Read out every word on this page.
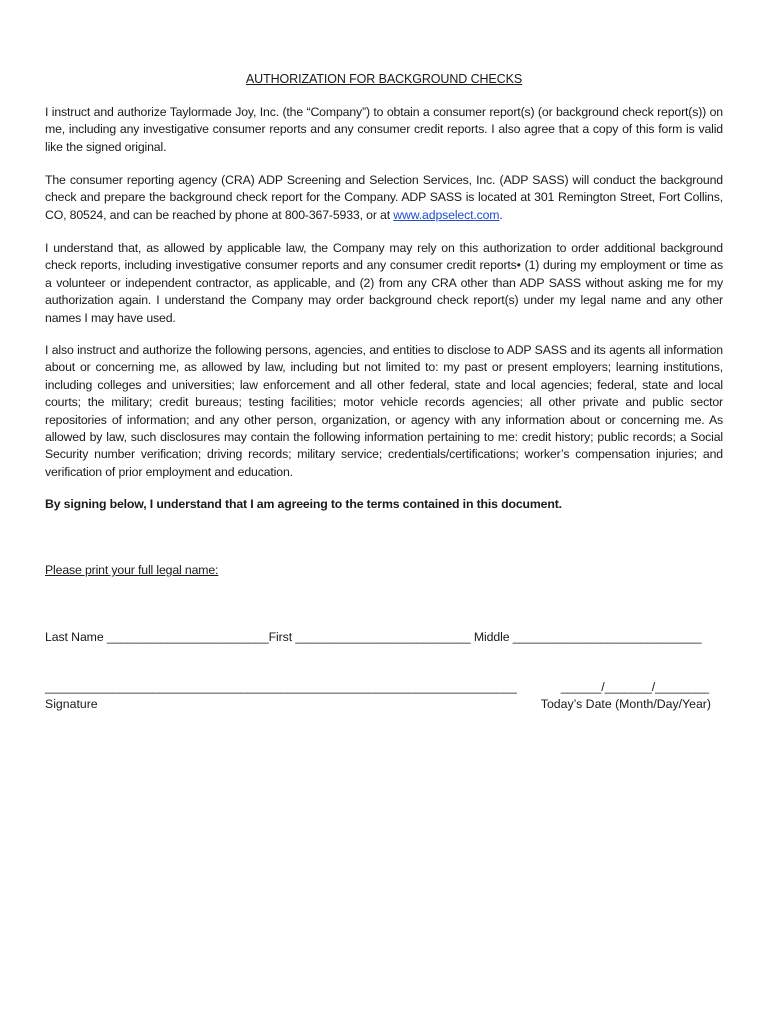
AUTHORIZATION FOR BACKGROUND CHECKS
I instruct and authorize Taylormade Joy, Inc. (the “Company”) to obtain a consumer report(s) (or background check report(s)) on me, including any investigative consumer reports and any consumer credit reports. I also agree that a copy of this form is valid like the signed original.
The consumer reporting agency (CRA) ADP Screening and Selection Services, Inc. (ADP SASS) will conduct the background check and prepare the background check report for the Company. ADP SASS is located at 301 Remington Street, Fort Collins, CO, 80524, and can be reached by phone at 800-367-5933, or at www.adpselect.com.
I understand that, as allowed by applicable law, the Company may rely on this authorization to order additional background check reports, including investigative consumer reports and any consumer credit reports• (1) during my employment or time as a volunteer or independent contractor, as applicable, and (2) from any CRA other than ADP SASS without asking me for my authorization again. I understand the Company may order background check report(s) under my legal name and any other names I may have used.
I also instruct and authorize the following persons, agencies, and entities to disclose to ADP SASS and its agents all information about or concerning me, as allowed by law, including but not limited to: my past or present employers; learning institutions, including colleges and universities; law enforcement and all other federal, state and local agencies; federal, state and local courts; the military; credit bureaus; testing facilities; motor vehicle records agencies; all other private and public sector repositories of information; and any other person, organization, or agency with any information about or concerning me. As allowed by law, such disclosures may contain the following information pertaining to me: credit history; public records; a Social Security number verification; driving records; military service; credentials/certifications; worker’s compensation injuries; and verification of prior employment and education.
By signing below, I understand that I am agreeing to the terms contained in this document.
Please print your full legal name:
Last Name ________________________First __________________________ Middle ____________________________
______________________________________________________________________	______/_______/________
Signature	Today’s Date (Month/Day/Year)
